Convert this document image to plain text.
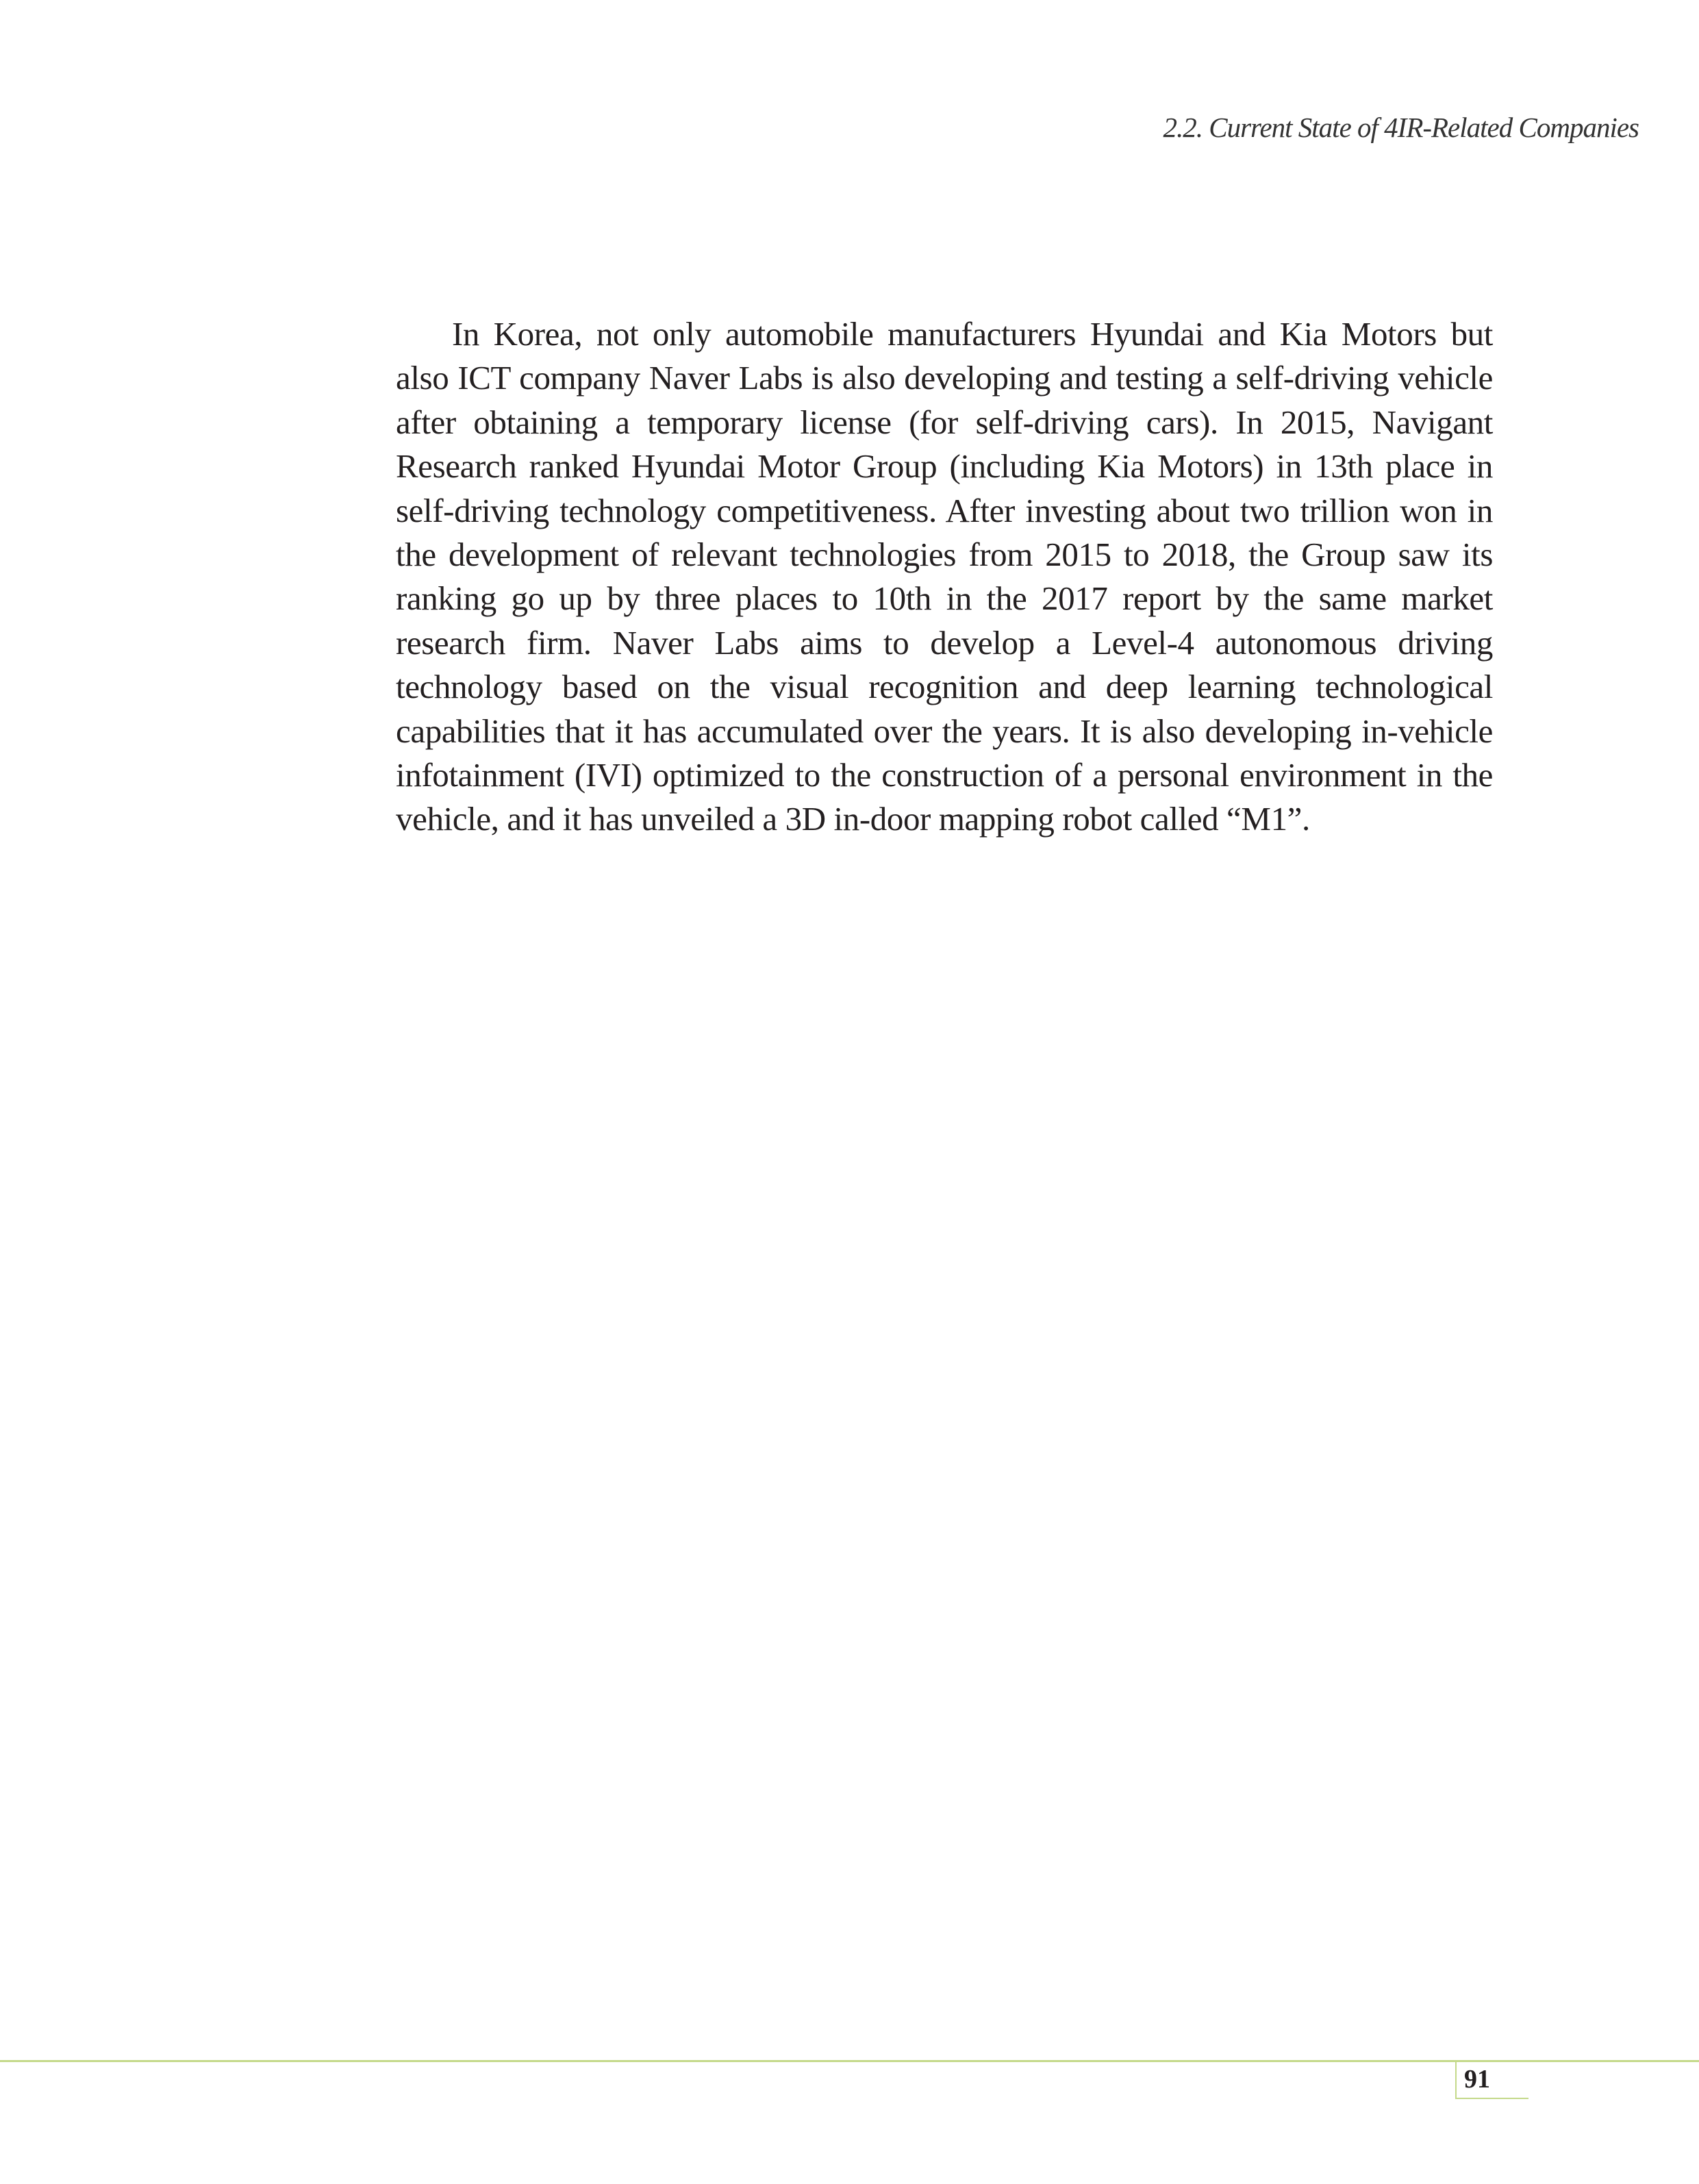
2.2. Current State of 4IR-Related Companies

In Korea, not only automobile manufacturers Hyundai and Kia Motors but also ICT company Naver Labs is also developing and testing a self-driving vehicle after obtaining a temporary license (for self-driving cars). In 2015, Navigant Research ranked Hyundai Motor Group (including Kia Motors) in 13th place in self-driving technology competitiveness. After investing about two trillion won in the development of relevant technologies from 2015 to 2018, the Group saw its ranking go up by three places to 10th in the 2017 report by the same market research firm. Naver Labs aims to develop a Level-4 autonomous driving technology based on the visual recognition and deep learning technological capabilities that it has accumulated over the years. It is also developing in-vehicle infotainment (IVI) optimized to the construction of a personal environment in the vehicle, and it has unveiled a 3D in-door mapping robot called “M1”.

91
